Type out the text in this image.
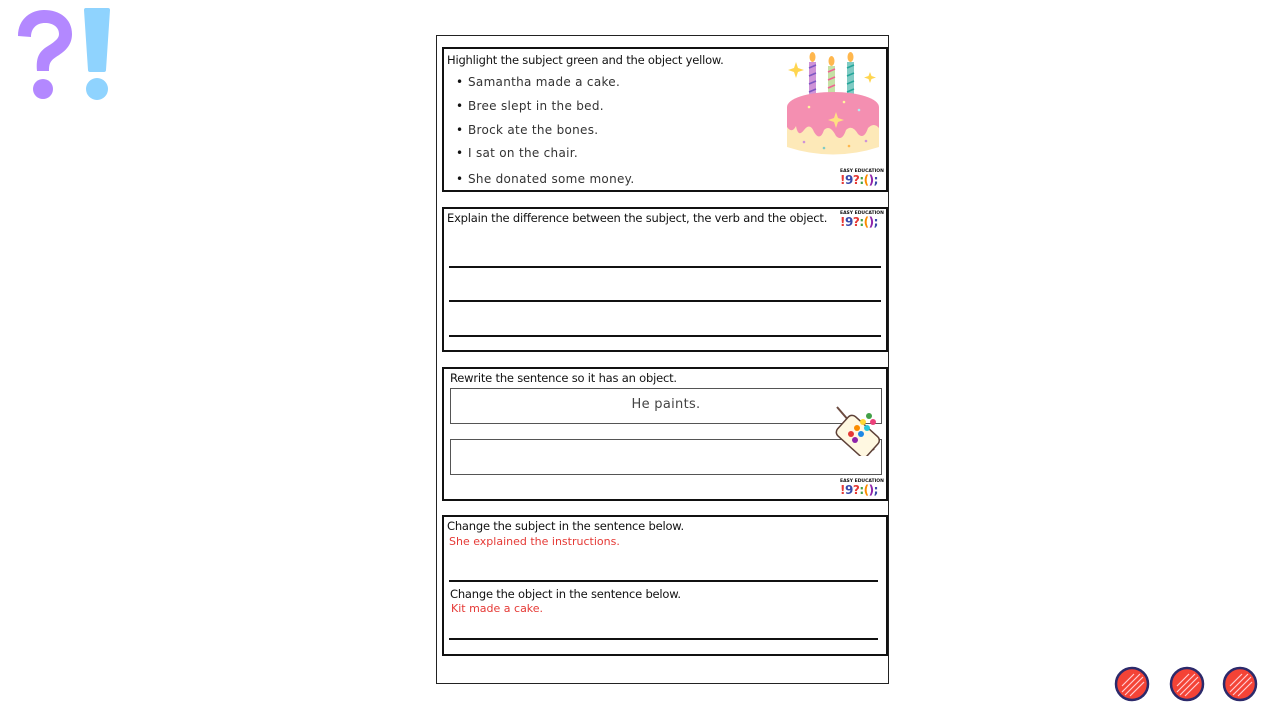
Highlight the subject green and the object yellow.
• Samantha made a cake.
• Bree slept in the bed.
• Brock ate the bones.
• I sat on the chair.
• She donated some money.
EASY EDUCATION
!9?:();
Explain the difference between the subject, the verb and the object.	EASY EDUCATION
!9?:();
Rewrite the sentence so it has an object.
He paints.
EASY EDUCATION
!9?:();
Change the subject in the sentence below.
She explained the instructions.
Change the object in the sentence below.
Kit made a cake.
